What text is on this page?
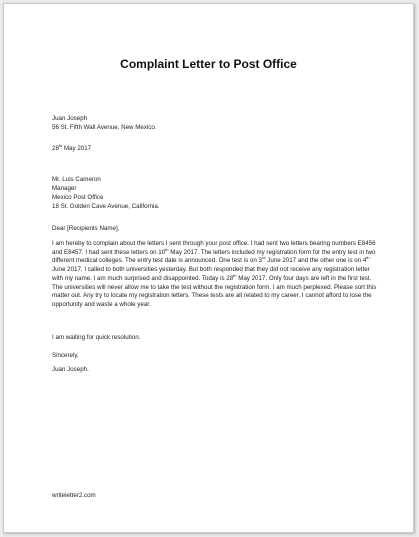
Complaint Letter to Post Office
Juan Joseph
56 St. Fifth Wall Avenue, New Mexico.
28th May 2017
Mr. Luis Cameron
Manager
Mexico Post Office
18 St. Golden Cave Avenue, California.
Dear [Recipients Name],
I am hereby to complain about the letters I sent through your post office. I had sent two letters bearing numbers E8456 and E8457. I had sent these letters on 10th May 2017. The letters included my registration form for the entry test in two different medical colleges. The entry test date is announced. One test is on 3rd June 2017 and the other one is on 4th June 2017. I called to both universities yesterday. But both responded that they did not receive any registration letter with my name. I am much surprised and disappointed. Today is 28th May 2017. Only four days are left in the first test. The universities will never allow me to take the test without the registration form. I am much perplexed. Please sort this matter out. Any try to locate my registration letters. These tests are all related to my career. I cannot afford to lose the opportunity and waste a whole year.
I am waiting for quick resolution.
Sincerely,
Juan Joseph.
writeletter2.com
